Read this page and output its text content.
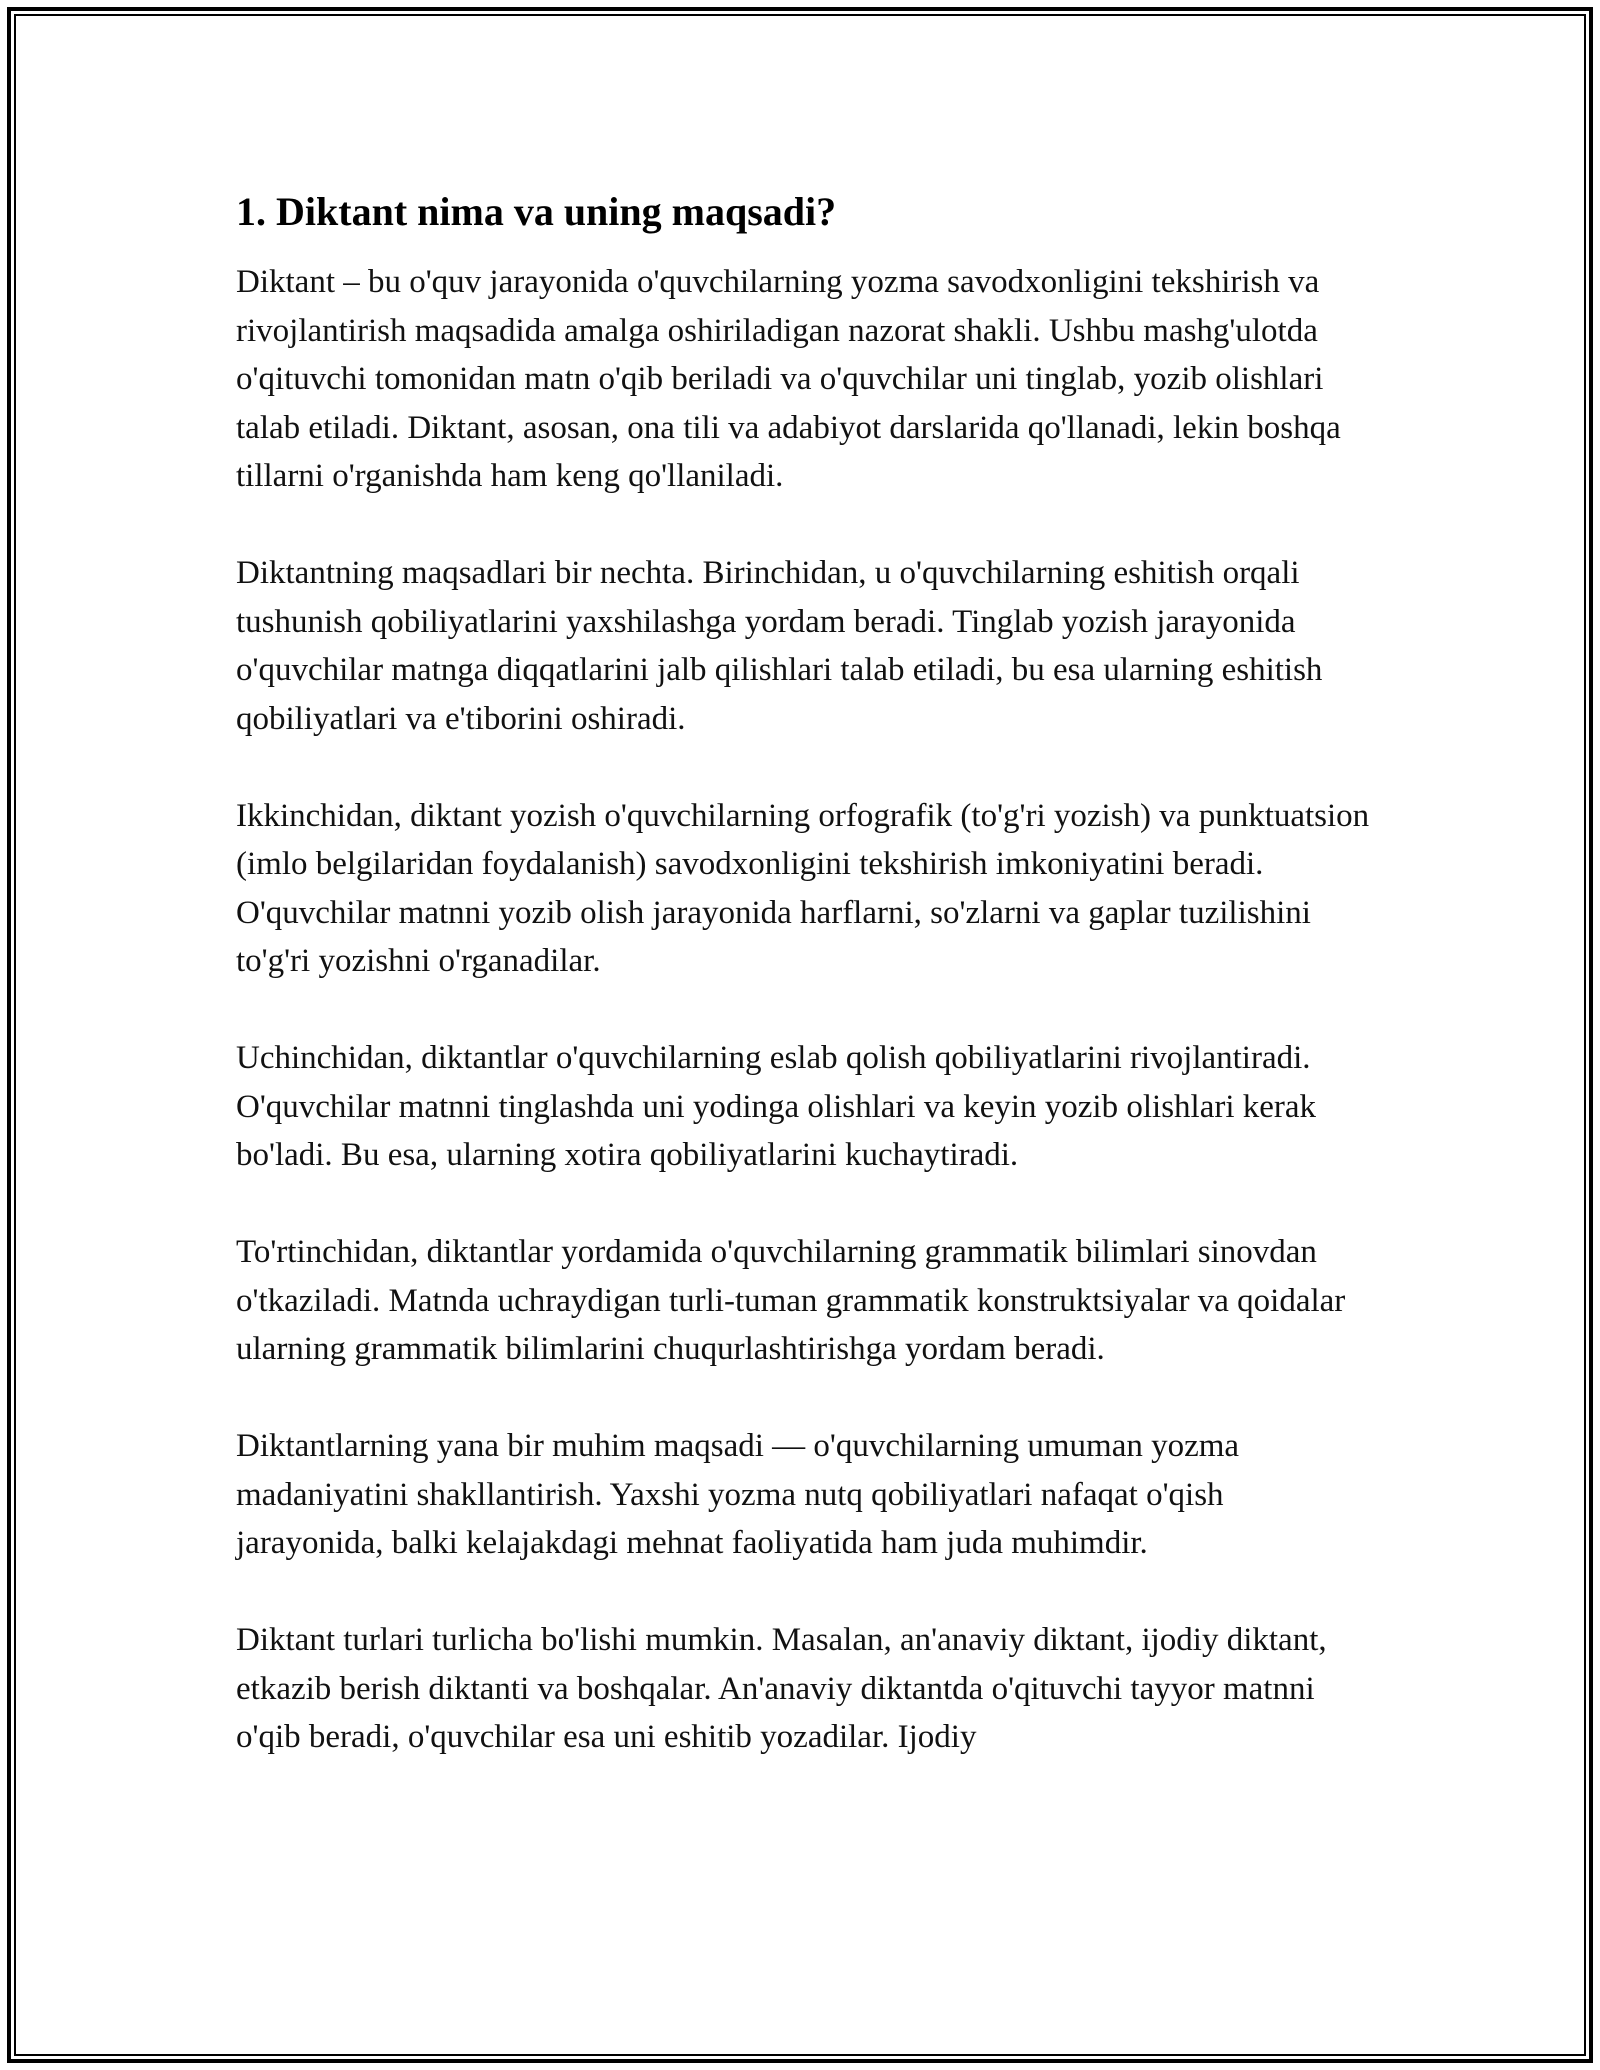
1. Diktant nima va uning maqsadi?

Diktant – bu o'quv jarayonida o'quvchilarning yozma savodxonligini tekshirish va rivojlantirish maqsadida amalga oshiriladigan nazorat shakli. Ushbu mashg'ulotda o'qituvchi tomonidan matn o'qib beriladi va o'quvchilar uni tinglab, yozib olishlari talab etiladi. Diktant, asosan, ona tili va adabiyot darslarida qo'llanadi, lekin boshqa tillarni o'rganishda ham keng qo'llaniladi.

Diktantning maqsadlari bir nechta. Birinchidan, u o'quvchilarning eshitish orqali tushunish qobiliyatlarini yaxshilashga yordam beradi. Tinglab yozish jarayonida o'quvchilar matnga diqqatlarini jalb qilishlari talab etiladi, bu esa ularning eshitish qobiliyatlari va e'tiborini oshiradi.

Ikkinchidan, diktant yozish o'quvchilarning orfografik (to'g'ri yozish) va punktuatsion (imlo belgilaridan foydalanish) savodxonligini tekshirish imkoniyatini beradi. O'quvchilar matnni yozib olish jarayonida harflarni, so'zlarni va gaplar tuzilishini to'g'ri yozishni o'rganadilar.

Uchinchidan, diktantlar o'quvchilarning eslab qolish qobiliyatlarini rivojlantiradi. O'quvchilar matnni tinglashda uni yodinga olishlari va keyin yozib olishlari kerak bo'ladi. Bu esa, ularning xotira qobiliyatlarini kuchaytiradi.

To'rtinchidan, diktantlar yordamida o'quvchilarning grammatik bilimlari sinovdan o'tkaziladi. Matnda uchraydigan turli-tuman grammatik konstruktsiyalar va qoidalar ularning grammatik bilimlarini chuqurlashtirishga yordam beradi.

Diktantlarning yana bir muhim maqsadi — o'quvchilarning umuman yozma madaniyatini shakllantirish. Yaxshi yozma nutq qobiliyatlari nafaqat o'qish jarayonida, balki kelajakdagi mehnat faoliyatida ham juda muhimdir.

Diktant turlari turlicha bo'lishi mumkin. Masalan, an'anaviy diktant, ijodiy diktant, etkazib berish diktanti va boshqalar. An'anaviy diktantda o'qituvchi tayyor matnni o'qib beradi, o'quvchilar esa uni eshitib yozadilar. Ijodiy
